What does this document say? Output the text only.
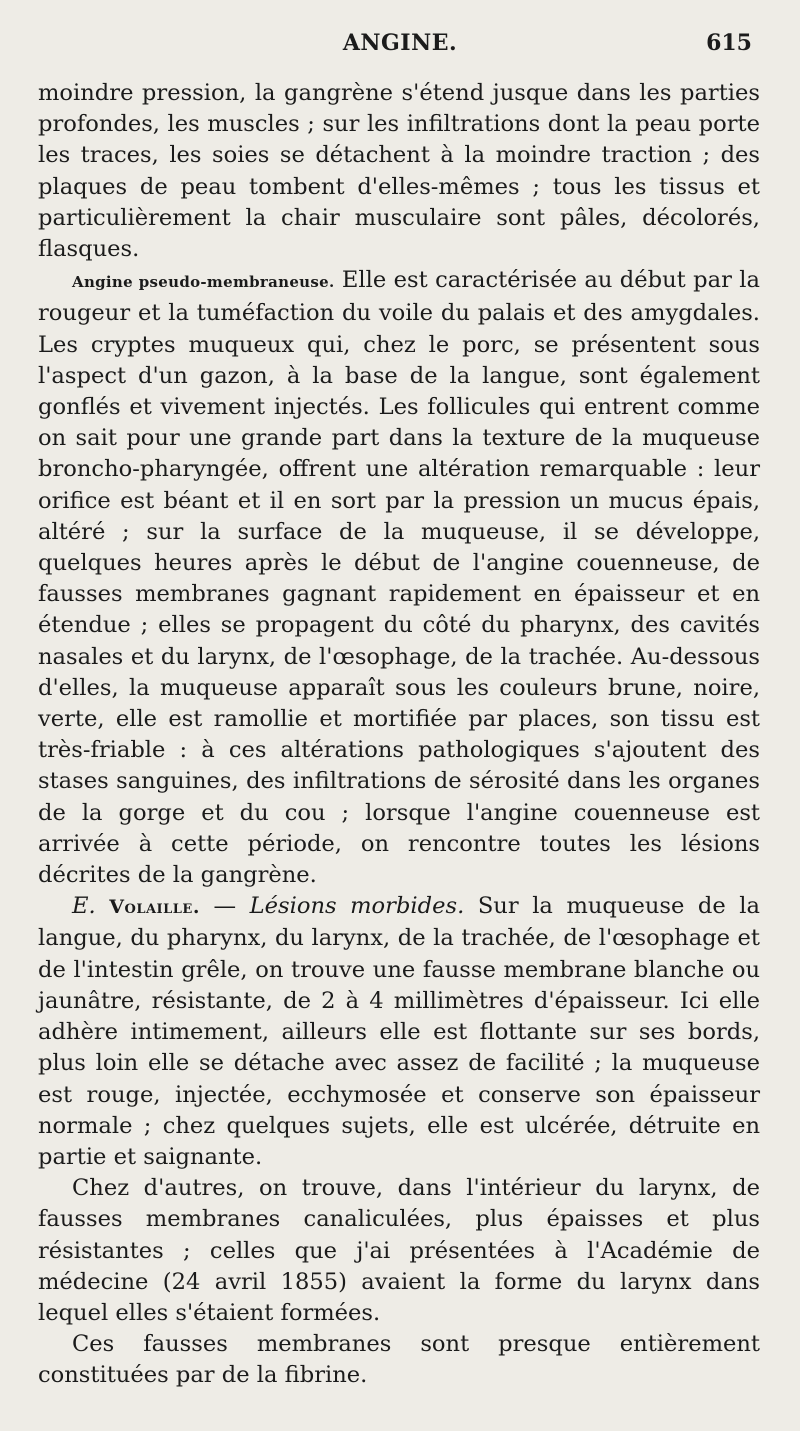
ANGINE.	615

moindre pression, la gangrène s'étend jusque dans les parties profondes, les muscles ; sur les infiltrations dont la peau porte les traces, les soies se détachent à la moindre traction ; des plaques de peau tombent d'elles-mêmes ; tous les tissus et particulièrement la chair musculaire sont pâles, décolorés, flasques.

Angine pseudo-membraneuse. Elle est caractérisée au début par la rougeur et la tuméfaction du voile du palais et des amygdales. Les cryptes muqueux qui, chez le porc, se présentent sous l'aspect d'un gazon, à la base de la langue, sont également gonflés et vivement injectés. Les follicules qui entrent comme on sait pour une grande part dans la texture de la muqueuse broncho-pharyngée, offrent une altération remarquable : leur orifice est béant et il en sort par la pression un mucus épais, altéré ; sur la surface de la muqueuse, il se développe, quelques heures après le début de l'angine couenneuse, de fausses membranes gagnant rapidement en épaisseur et en étendue ; elles se propagent du côté du pharynx, des cavités nasales et du larynx, de l'œsophage, de la trachée. Au-dessous d'elles, la muqueuse apparaît sous les couleurs brune, noire, verte, elle est ramollie et mortifiée par places, son tissu est très-friable : à ces altérations pathologiques s'ajoutent des stases sanguines, des infiltrations de sérosité dans les organes de la gorge et du cou ; lorsque l'angine couenneuse est arrivée à cette période, on rencontre toutes les lésions décrites de la gangrène.

E. Volaille. — Lésions morbides. Sur la muqueuse de la langue, du pharynx, du larynx, de la trachée, de l'œsophage et de l'intestin grêle, on trouve une fausse membrane blanche ou jaunâtre, résistante, de 2 à 4 millimètres d'épaisseur. Ici elle adhère intimement, ailleurs elle est flottante sur ses bords, plus loin elle se détache avec assez de facilité ; la muqueuse est rouge, injectée, ecchymosée et conserve son épaisseur normale ; chez quelques sujets, elle est ulcérée, détruite en partie et saignante.

Chez d'autres, on trouve, dans l'intérieur du larynx, de fausses membranes canaliculées, plus épaisses et plus résistantes ; celles que j'ai présentées à l'Académie de médecine (24 avril 1855) avaient la forme du larynx dans lequel elles s'étaient formées.

Ces fausses membranes sont presque entièrement constituées par de la fibrine.
